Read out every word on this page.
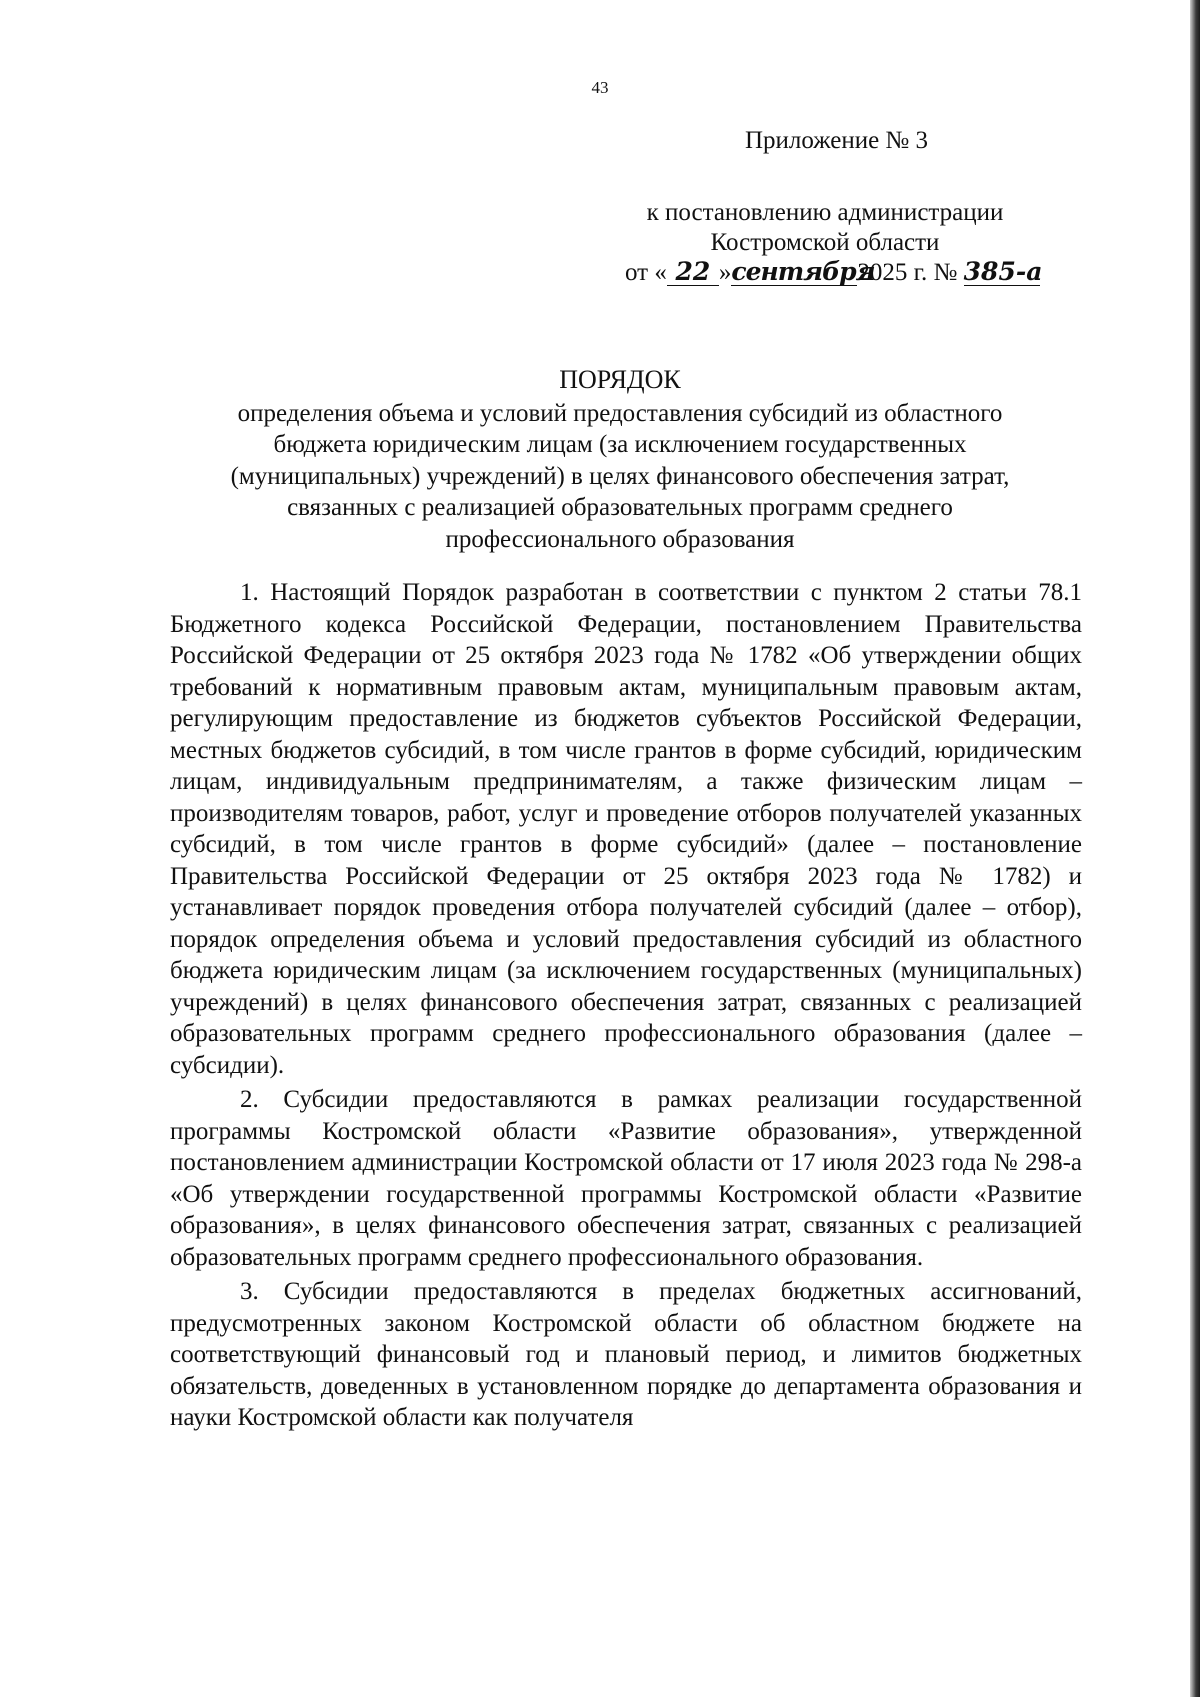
43
Приложение № 3
к постановлению администрации
Костромской области
от « 22 »сентября2025 г. № 385-а
ПОРЯДОК
определения объема и условий предоставления субсидий из областного
бюджета юридическим лицам (за исключением государственных
(муниципальных) учреждений) в целях финансового обеспечения затрат,
связанных с реализацией образовательных программ среднего
профессионального образования

1. Настоящий Порядок разработан в соответствии с пунктом 2 статьи 78.1 Бюджетного кодекса Российской Федерации, постановлением Правительства Российской Федерации от 25 октября 2023 года № 1782 «Об утверждении общих требований к нормативным правовым актам, муниципальным правовым актам, регулирующим предоставление из бюджетов субъектов Российской Федерации, местных бюджетов субсидий, в том числе грантов в форме субсидий, юридическим лицам, индивидуальным предпринимателям, а также физическим лицам – производителям товаров, работ, услуг и проведение отборов получателей указанных субсидий, в том числе грантов в форме субсидий» (далее – постановление Правительства Российской Федерации от 25 октября 2023 года № 1782) и устанавливает порядок проведения отбора получателей субсидий (далее – отбор), порядок определения объема и условий предоставления субсидий из областного бюджета юридическим лицам (за исключением государственных (муниципальных) учреждений) в целях финансового обеспечения затрат, связанных с реализацией образовательных программ среднего профессионального образования (далее – субсидии).

2. Субсидии предоставляются в рамках реализации государственной программы Костромской области «Развитие образования», утвержденной постановлением администрации Костромской области от 17 июля 2023 года № 298-а «Об утверждении государственной программы Костромской области «Развитие образования», в целях финансового обеспечения затрат, связанных с реализацией образовательных программ среднего профессионального образования.

3. Субсидии предоставляются в пределах бюджетных ассигнований, предусмотренных законом Костромской области об областном бюджете на соответствующий финансовый год и плановый период, и лимитов бюджетных обязательств, доведенных в установленном порядке до департамента образования и науки Костромской области как получателя
